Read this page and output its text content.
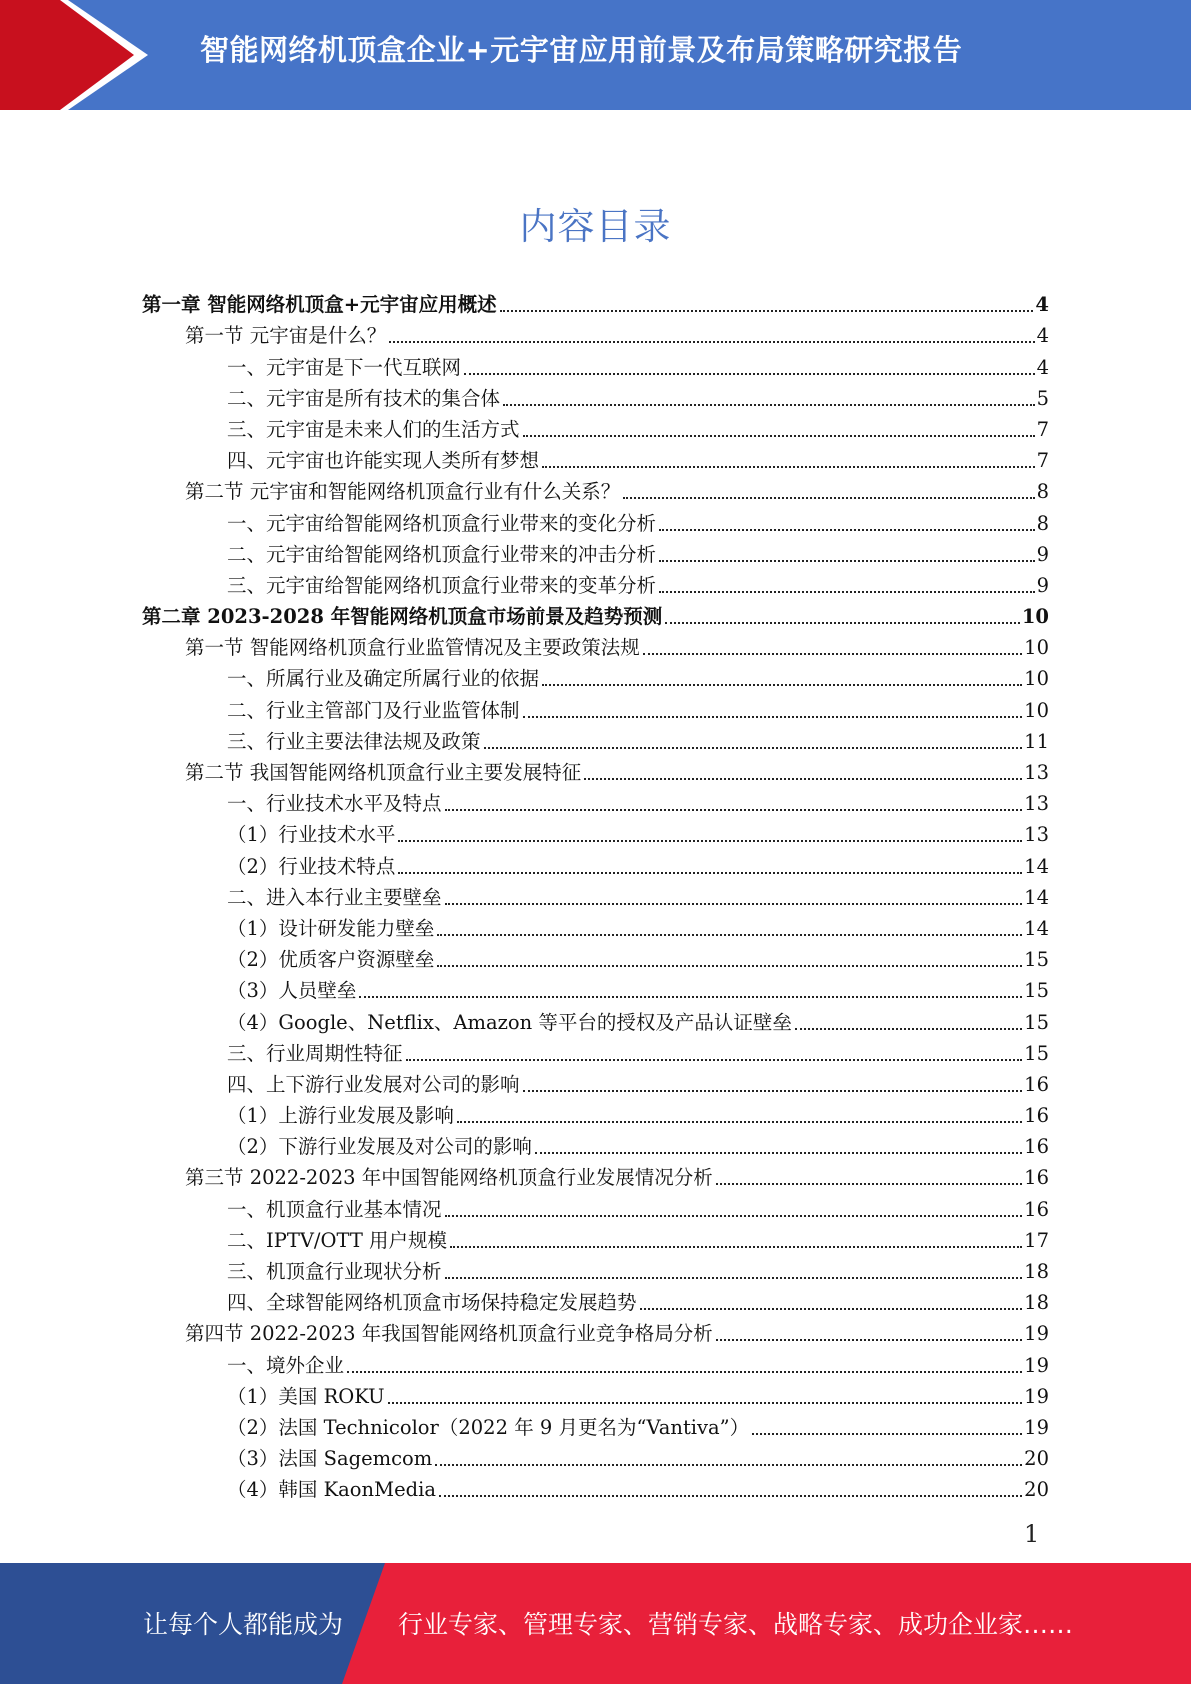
智能网络机顶盒企业+元宇宙应用前景及布局策略研究报告
内容目录
第一章 智能网络机顶盒+元宇宙应用概述	4
第一节 元宇宙是什么？	4
一、元宇宙是下一代互联网	4
二、元宇宙是所有技术的集合体	5
三、元宇宙是未来人们的生活方式	7
四、元宇宙也许能实现人类所有梦想	7
第二节 元宇宙和智能网络机顶盒行业有什么关系？	8
一、元宇宙给智能网络机顶盒行业带来的变化分析	8
二、元宇宙给智能网络机顶盒行业带来的冲击分析	9
三、元宇宙给智能网络机顶盒行业带来的变革分析	9
第二章 2023-2028 年智能网络机顶盒市场前景及趋势预测	10
第一节 智能网络机顶盒行业监管情况及主要政策法规	10
一、所属行业及确定所属行业的依据	10
二、行业主管部门及行业监管体制	10
三、行业主要法律法规及政策	11
第二节 我国智能网络机顶盒行业主要发展特征	13
一、行业技术水平及特点	13
（1）行业技术水平	13
（2）行业技术特点	14
二、进入本行业主要壁垒	14
（1）设计研发能力壁垒	14
（2）优质客户资源壁垒	15
（3）人员壁垒	15
（4）Google、Netflix、Amazon 等平台的授权及产品认证壁垒	15
三、行业周期性特征	15
四、上下游行业发展对公司的影响	16
（1）上游行业发展及影响	16
（2）下游行业发展及对公司的影响	16
第三节 2022-2023 年中国智能网络机顶盒行业发展情况分析	16
一、机顶盒行业基本情况	16
二、IPTV/OTT 用户规模	17
三、机顶盒行业现状分析	18
四、全球智能网络机顶盒市场保持稳定发展趋势	18
第四节 2022-2023 年我国智能网络机顶盒行业竞争格局分析	19
一、境外企业	19
（1）美国 ROKU	19
（2）法国 Technicolor（2022 年 9 月更名为“Vantiva”）	19
（3）法国 Sagemcom	20
（4）韩国 KaonMedia	20
1
让每个人都能成为 行业专家、管理专家、营销专家、战略专家、成功企业家……
